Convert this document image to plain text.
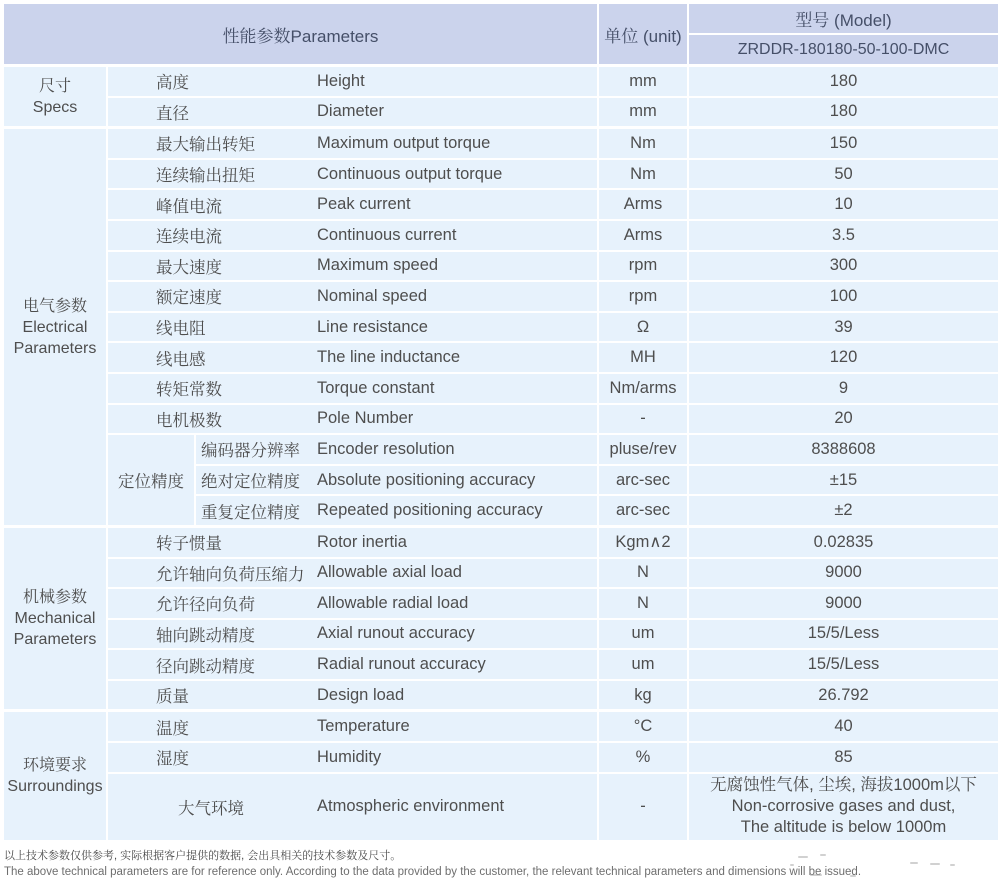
性能参数Parameters			单位 (unit)	型号 (Model)
				ZRDDR-180180-50-100-DMC

尺寸
Specs	高度 Height		mm	180
	直径 Diameter		mm	180

电气参数
Electrical
Parameters	最大输出转矩 Maximum output torque		Nm	150
	连续输出扭矩 Continuous output torque		Nm	50
	峰值电流 Peak current		Arms	10
	连续电流 Continuous current		Arms	3.5
	最大速度 Maximum speed		rpm	300
	额定速度 Nominal speed		rpm	100
	线电阻 Line resistance		Ω	39
	线电感 The line inductance		MH	120
	转矩常数 Torque constant		Nm/arms	9
	电机极数 Pole Number		-	20
	定位精度	编码器分辨率 Encoder resolution	pluse/rev	8388608
		绝对定位精度 Absolute positioning accuracy	arc-sec	±15
		重复定位精度 Repeated positioning accuracy	arc-sec	±2

机械参数
Mechanical
Parameters	转子惯量 Rotor inertia		Kgm∧2	0.02835
	允许轴向负荷压缩力 Allowable axial load		N	9000
	允许径向负荷 Allowable radial load		N	9000
	轴向跳动精度 Axial runout accuracy		um	15/5/Less
	径向跳动精度 Radial runout accuracy		um	15/5/Less
	质量 Design load		kg	26.792

环境要求
Surroundings	温度 Temperature		°C	40
	湿度 Humidity		%	85
	大气环境 Atmospheric environment		-	无腐蚀性气体, 尘埃, 海拔1000m以下
Non-corrosive gases and dust,
The altitude is below 1000m
以上技术参数仅供参考, 实际根据客户提供的数据, 会出具相关的技术参数及尺寸。
The above technical parameters are for reference only. According to the data provided by the customer, the relevant technical parameters and dimensions will be issued.
